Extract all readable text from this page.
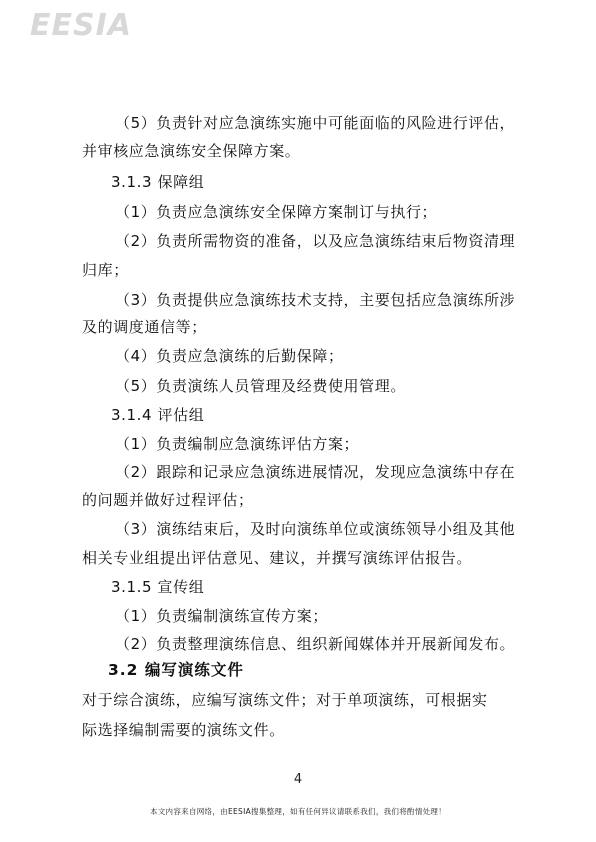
EESIA
（5）负责针对应急演练实施中可能面临的风险进行评估，
并审核应急演练安全保障方案。
3.1.3 保障组
（1）负责应急演练安全保障方案制订与执行；
（2）负责所需物资的准备，以及应急演练结束后物资清理
归库；
（3）负责提供应急演练技术支持，主要包括应急演练所涉
及的调度通信等；
（4）负责应急演练的后勤保障；
（5）负责演练人员管理及经费使用管理。
3.1.4 评估组
（1）负责编制应急演练评估方案；
（2）跟踪和记录应急演练进展情况，发现应急演练中存在
的问题并做好过程评估；
（3）演练结束后，及时向演练单位或演练领导小组及其他
相关专业组提出评估意见、建议，并撰写演练评估报告。
3.1.5 宣传组
（1）负责编制演练宣传方案；
（2）负责整理演练信息、组织新闻媒体并开展新闻发布。
3.2 编写演练文件
对于综合演练，应编写演练文件；对于单项演练，可根据实
际选择编制需要的演练文件。
4
本文内容来自网络，由EESIA搜集整理，如有任何异议请联系我们，我们将酌情处理！
